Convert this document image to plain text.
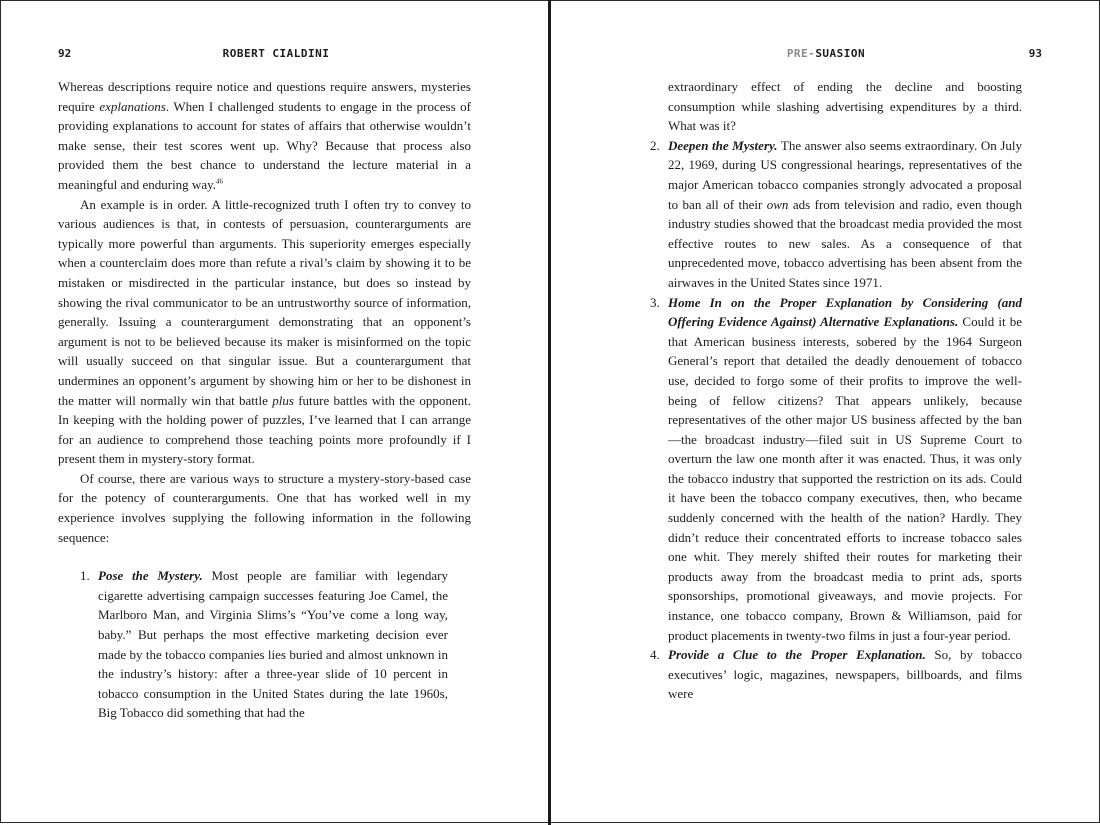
92	ROBERT CIALDINI

Whereas descriptions require notice and questions require answers, mysteries require explanations. When I challenged students to engage in the process of providing explanations to account for states of affairs that otherwise wouldn’t make sense, their test scores went up. Why? Because that process also provided them the best chance to understand the lecture material in a meaningful and enduring way.$^{46}$

An example is in order. A little-recognized truth I often try to convey to various audiences is that, in contests of persuasion, counterarguments are typically more powerful than arguments. This superiority emerges especially when a counterclaim does more than refute a rival’s claim by showing it to be mistaken or misdirected in the particular instance, but does so instead by showing the rival communicator to be an untrustworthy source of information, generally. Issuing a counterargument demonstrating that an opponent’s argument is not to be believed because its maker is misinformed on the topic will usually succeed on that singular issue. But a counterargument that undermines an opponent’s argument by showing him or her to be dishonest in the matter will normally win that battle plus future battles with the opponent. In keeping with the holding power of puzzles, I’ve learned that I can arrange for an audience to comprehend those teaching points more profoundly if I present them in mystery-story format.

Of course, there are various ways to structure a mystery-story-based case for the potency of counterarguments. One that has worked well in my experience involves supplying the following information in the following sequence:

1. Pose the Mystery. Most people are familiar with legendary cigarette advertising campaign successes featuring Joe Camel, the Marlboro Man, and Virginia Slims’s “You’ve come a long way, baby.” But perhaps the most effective marketing decision ever made by the tobacco companies lies buried and almost unknown in the industry’s history: after a three-year slide of 10 percent in tobacco consumption in the United States during the late 1960s, Big Tobacco did something that had the
PRE-SUASION	93

extraordinary effect of ending the decline and boosting consumption while slashing advertising expenditures by a third. What was it?

2. Deepen the Mystery. The answer also seems extraordinary. On July 22, 1969, during US congressional hearings, representatives of the major American tobacco companies strongly advocated a proposal to ban all of their own ads from television and radio, even though industry studies showed that the broadcast media provided the most effective routes to new sales. As a consequence of that unprecedented move, tobacco advertising has been absent from the airwaves in the United States since 1971.
3. Home In on the Proper Explanation by Considering (and Offering Evidence Against) Alternative Explanations. Could it be that American business interests, sobered by the 1964 Surgeon General’s report that detailed the deadly denouement of tobacco use, decided to forgo some of their profits to improve the well-being of fellow citizens? That appears unlikely, because representatives of the other major US business affected by the ban—the broadcast industry—filed suit in US Supreme Court to overturn the law one month after it was enacted. Thus, it was only the tobacco industry that supported the restriction on its ads. Could it have been the tobacco company executives, then, who became suddenly concerned with the health of the nation? Hardly. They didn’t reduce their concentrated efforts to increase tobacco sales one whit. They merely shifted their routes for marketing their products away from the broadcast media to print ads, sports sponsorships, promotional giveaways, and movie projects. For instance, one tobacco company, Brown & Williamson, paid for product placements in twenty-two films in just a four-year period.
4. Provide a Clue to the Proper Explanation. So, by tobacco executives’ logic, magazines, newspapers, billboards, and films were
